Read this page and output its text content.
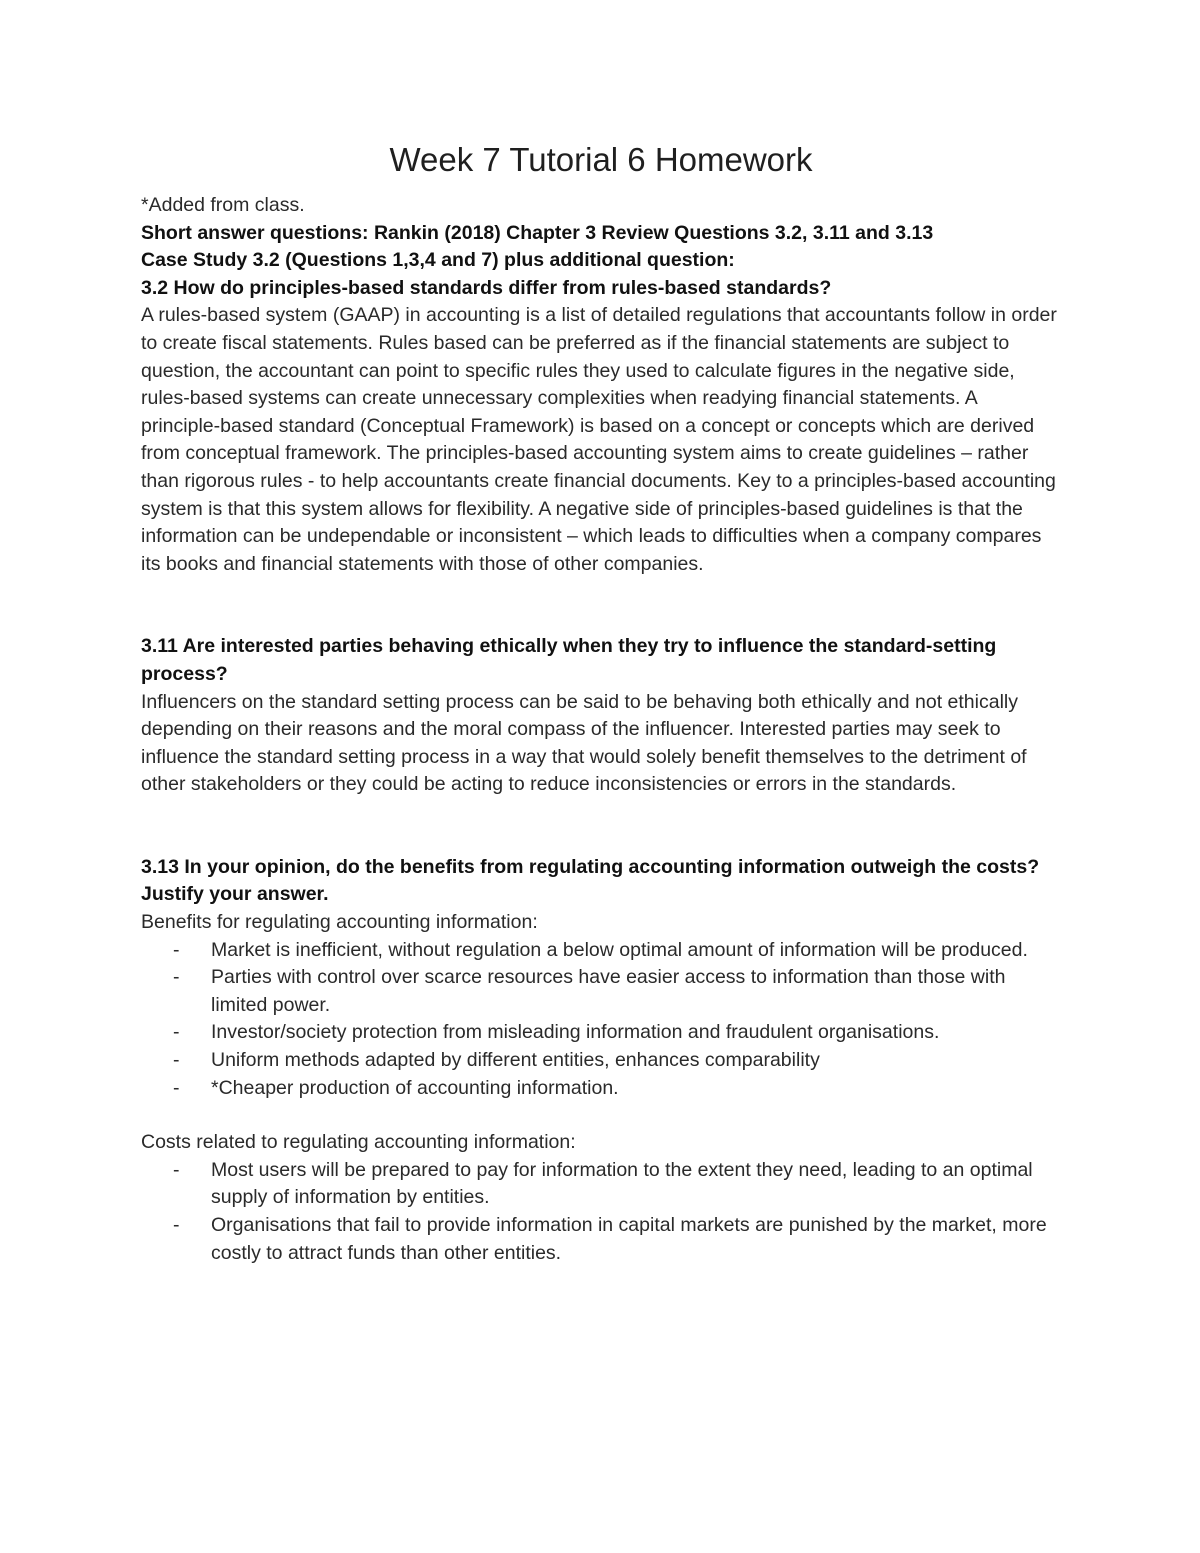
Week 7 Tutorial 6 Homework

*Added from class.

Short answer questions: Rankin (2018) Chapter 3 Review Questions 3.2, 3.11 and 3.13

Case Study 3.2 (Questions 1,3,4 and 7) plus additional question:

3.2 How do principles-based standards differ from rules-based standards?

A rules-based system (GAAP) in accounting is a list of detailed regulations that accountants follow in order to create fiscal statements. Rules based can be preferred as if the financial statements are subject to question, the accountant can point to specific rules they used to calculate figures in the negative side, rules-based systems can create unnecessary complexities when readying financial statements. A principle-based standard (Conceptual Framework) is based on a concept or concepts which are derived from conceptual framework. The principles-based accounting system aims to create guidelines – rather than rigorous rules - to help accountants create financial documents. Key to a principles-based accounting system is that this system allows for flexibility. A negative side of principles-based guidelines is that the information can be undependable or inconsistent – which leads to difficulties when a company compares its books and financial statements with those of other companies.

3.11 Are interested parties behaving ethically when they try to influence the standard-setting process?

Influencers on the standard setting process can be said to be behaving both ethically and not ethically depending on their reasons and the moral compass of the influencer. Interested parties may seek to influence the standard setting process in a way that would solely benefit themselves to the detriment of other stakeholders or they could be acting to reduce inconsistencies or errors in the standards.

3.13 In your opinion, do the benefits from regulating accounting information outweigh the costs? Justify your answer.

Benefits for regulating accounting information:

- Market is inefficient, without regulation a below optimal amount of information will be produced.
- Parties with control over scarce resources have easier access to information than those with limited power.
- Investor/society protection from misleading information and fraudulent organisations.
- Uniform methods adapted by different entities, enhances comparability
- *Cheaper production of accounting information.

Costs related to regulating accounting information:

- Most users will be prepared to pay for information to the extent they need, leading to an optimal supply of information by entities.
- Organisations that fail to provide information in capital markets are punished by the market, more costly to attract funds than other entities.
